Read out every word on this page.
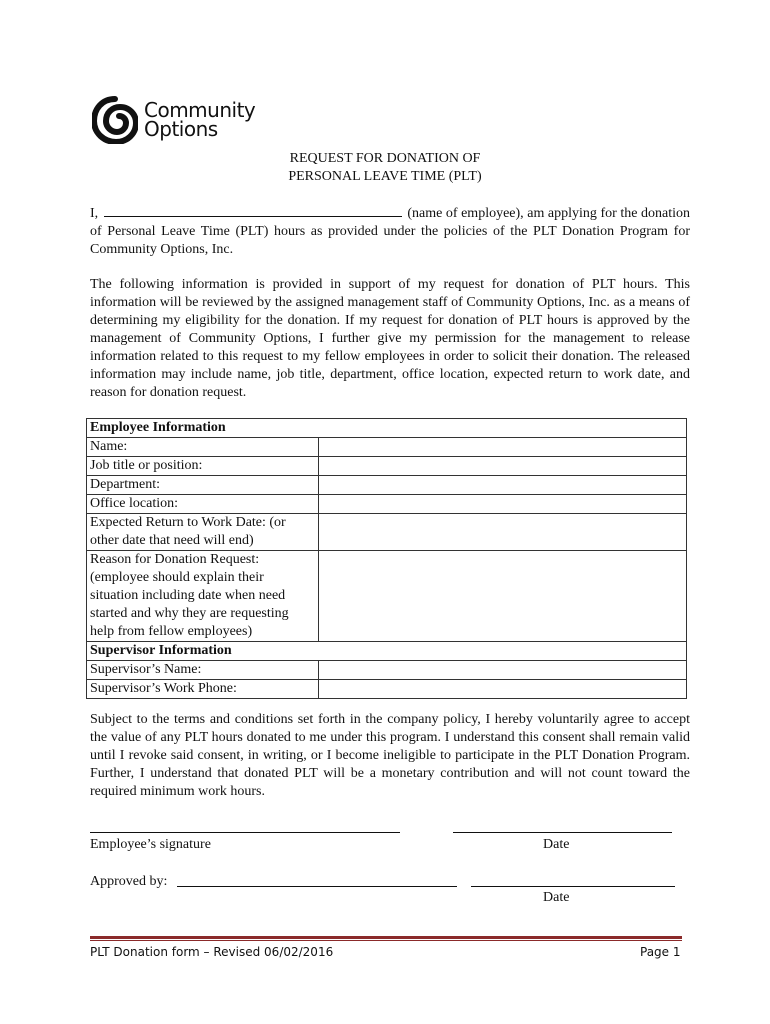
Community
Options
REQUEST FOR DONATION OF
PERSONAL LEAVE TIME (PLT)
I,	(name of employee), am applying for the donation of Personal Leave Time (PLT) hours as provided under the policies of the PLT Donation Program for Community Options, Inc.
The following information is provided in support of my request for donation of PLT hours. This information will be reviewed by the assigned management staff of Community Options, Inc. as a means of determining my eligibility for the donation. If my request for donation of PLT hours is approved by the management of Community Options, I further give my permission for the management to release information related to this request to my fellow employees in order to solicit their donation. The released information may include name, job title, department, office location, expected return to work date, and reason for donation request.
Employee Information	
Name:	
Job title or position:	
Department:	
Office location:	
Expected Return to Work Date: (or other date that need will end)	
Reason for Donation Request: (employee should explain their situation including date when need started and why they are requesting help from fellow employees)	
Supervisor Information	
Supervisor’s Name:	
Supervisor’s Work Phone:	
Subject to the terms and conditions set forth in the company policy, I hereby voluntarily agree to accept the value of any PLT hours donated to me under this program. I understand this consent shall remain valid until I revoke said consent, in writing, or I become ineligible to participate in the PLT Donation Program. Further, I understand that donated PLT will be a monetary contribution and will not count toward the required minimum work hours.
Employee’s signature	Date
Approved by:
Date
PLT Donation form – Revised 06/02/2016	Page 1
